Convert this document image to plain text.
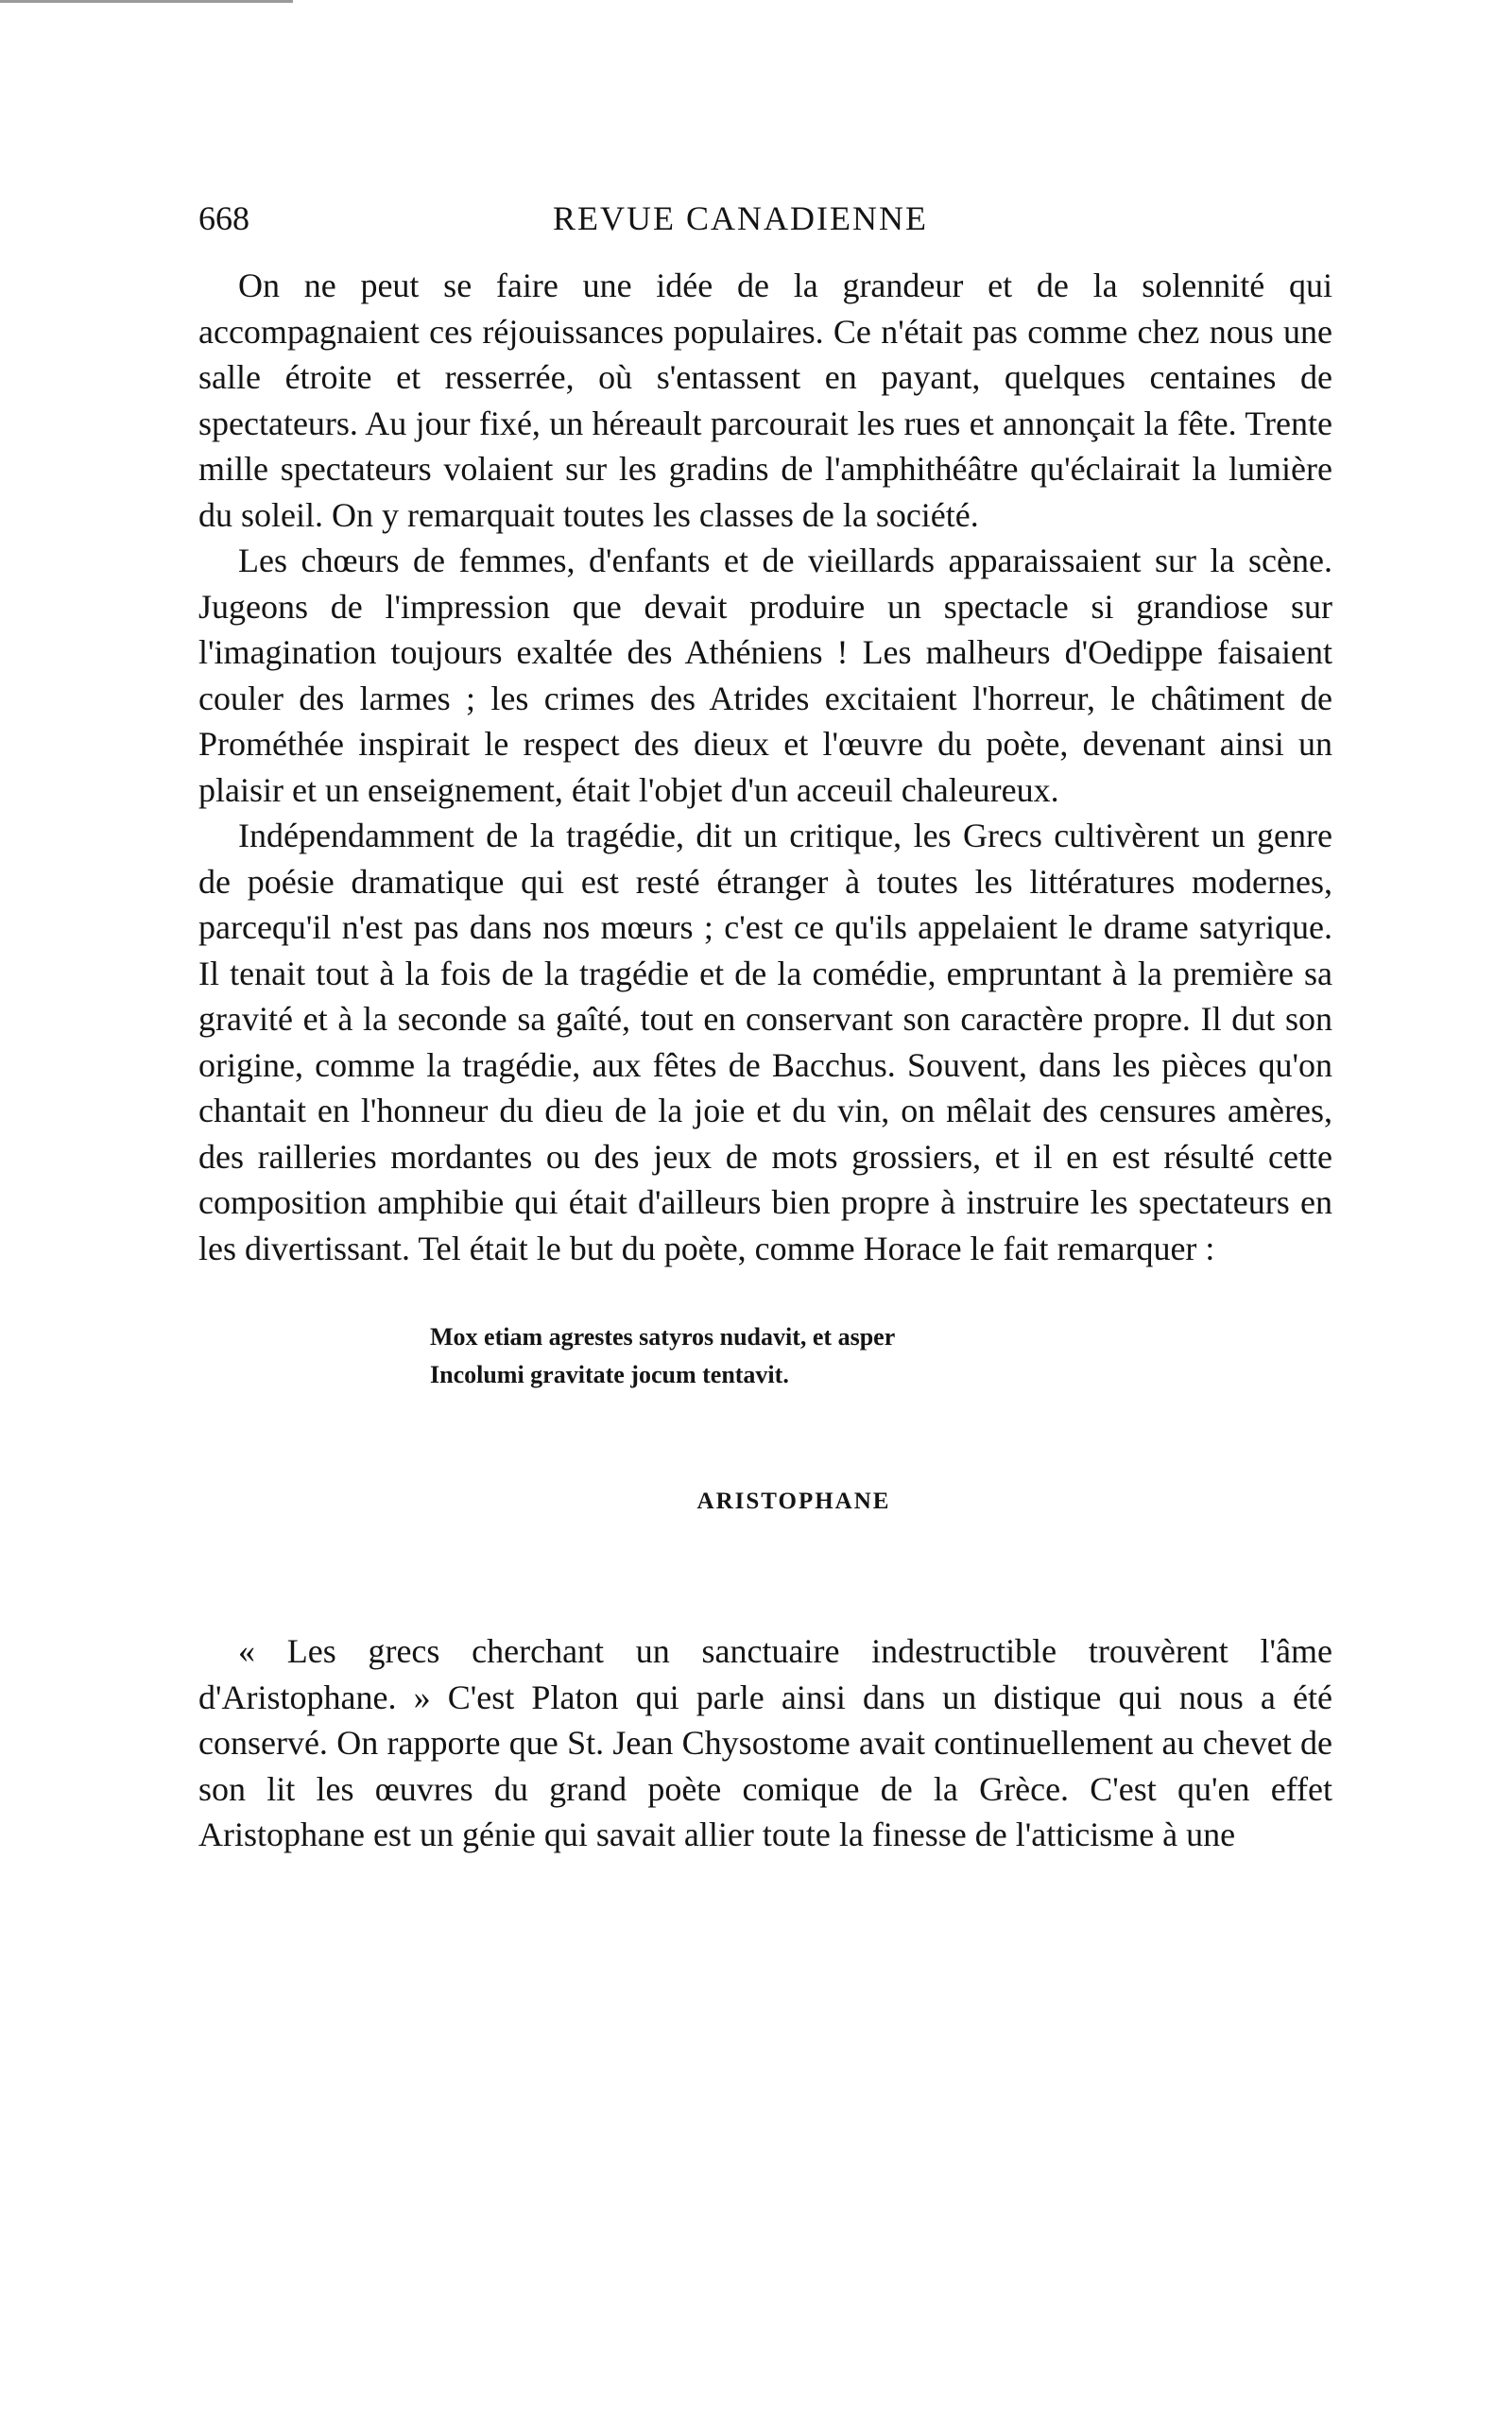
668	REVUE CANADIENNE

On ne peut se faire une idée de la grandeur et de la solennité qui accompagnaient ces réjouissances populaires. Ce n'était pas comme chez nous une salle étroite et resserrée, où s'entassent en payant, quelques centaines de spectateurs. Au jour fixé, un héreault parcourait les rues et annonçait la fête. Trente mille spectateurs volaient sur les gradins de l'amphithéâtre qu'éclairait la lumière du soleil. On y remarquait toutes les classes de la société.

Les chœurs de femmes, d'enfants et de vieillards apparaissaient sur la scène. Jugeons de l'impression que devait produire un spectacle si grandiose sur l'imagination toujours exaltée des Athéniens ! Les malheurs d'Oedippe faisaient couler des larmes ; les crimes des Atrides excitaient l'horreur, le châtiment de Prométhée inspirait le respect des dieux et l'œuvre du poète, devenant ainsi un plaisir et un enseignement, était l'objet d'un acceuil chaleureux.

Indépendamment de la tragédie, dit un critique, les Grecs cultivèrent un genre de poésie dramatique qui est resté étranger à toutes les littératures modernes, parcequ'il n'est pas dans nos mœurs ; c'est ce qu'ils appelaient le drame satyrique. Il tenait tout à la fois de la tragédie et de la comédie, empruntant à la première sa gravité et à la seconde sa gaîté, tout en conservant son caractère propre. Il dut son origine, comme la tragédie, aux fêtes de Bacchus. Souvent, dans les pièces qu'on chantait en l'honneur du dieu de la joie et du vin, on mêlait des censures amères, des railleries mordantes ou des jeux de mots grossiers, et il en est résulté cette composition amphibie qui était d'ailleurs bien propre à instruire les spectateurs en les divertissant. Tel était le but du poète, comme Horace le fait remarquer :

Mox etiam agrestes satyros nudavit, et asper
Incolumi gravitate jocum tentavit.
ARISTOPHANE

« Les grecs cherchant un sanctuaire indestructible trouvèrent l'âme d'Aristophane. » C'est Platon qui parle ainsi dans un distique qui nous a été conservé. On rapporte que St. Jean Chysostome avait continuellement au chevet de son lit les œuvres du grand poète comique de la Grèce. C'est qu'en effet Aristophane est un génie qui savait allier toute la finesse de l'atticisme à une
